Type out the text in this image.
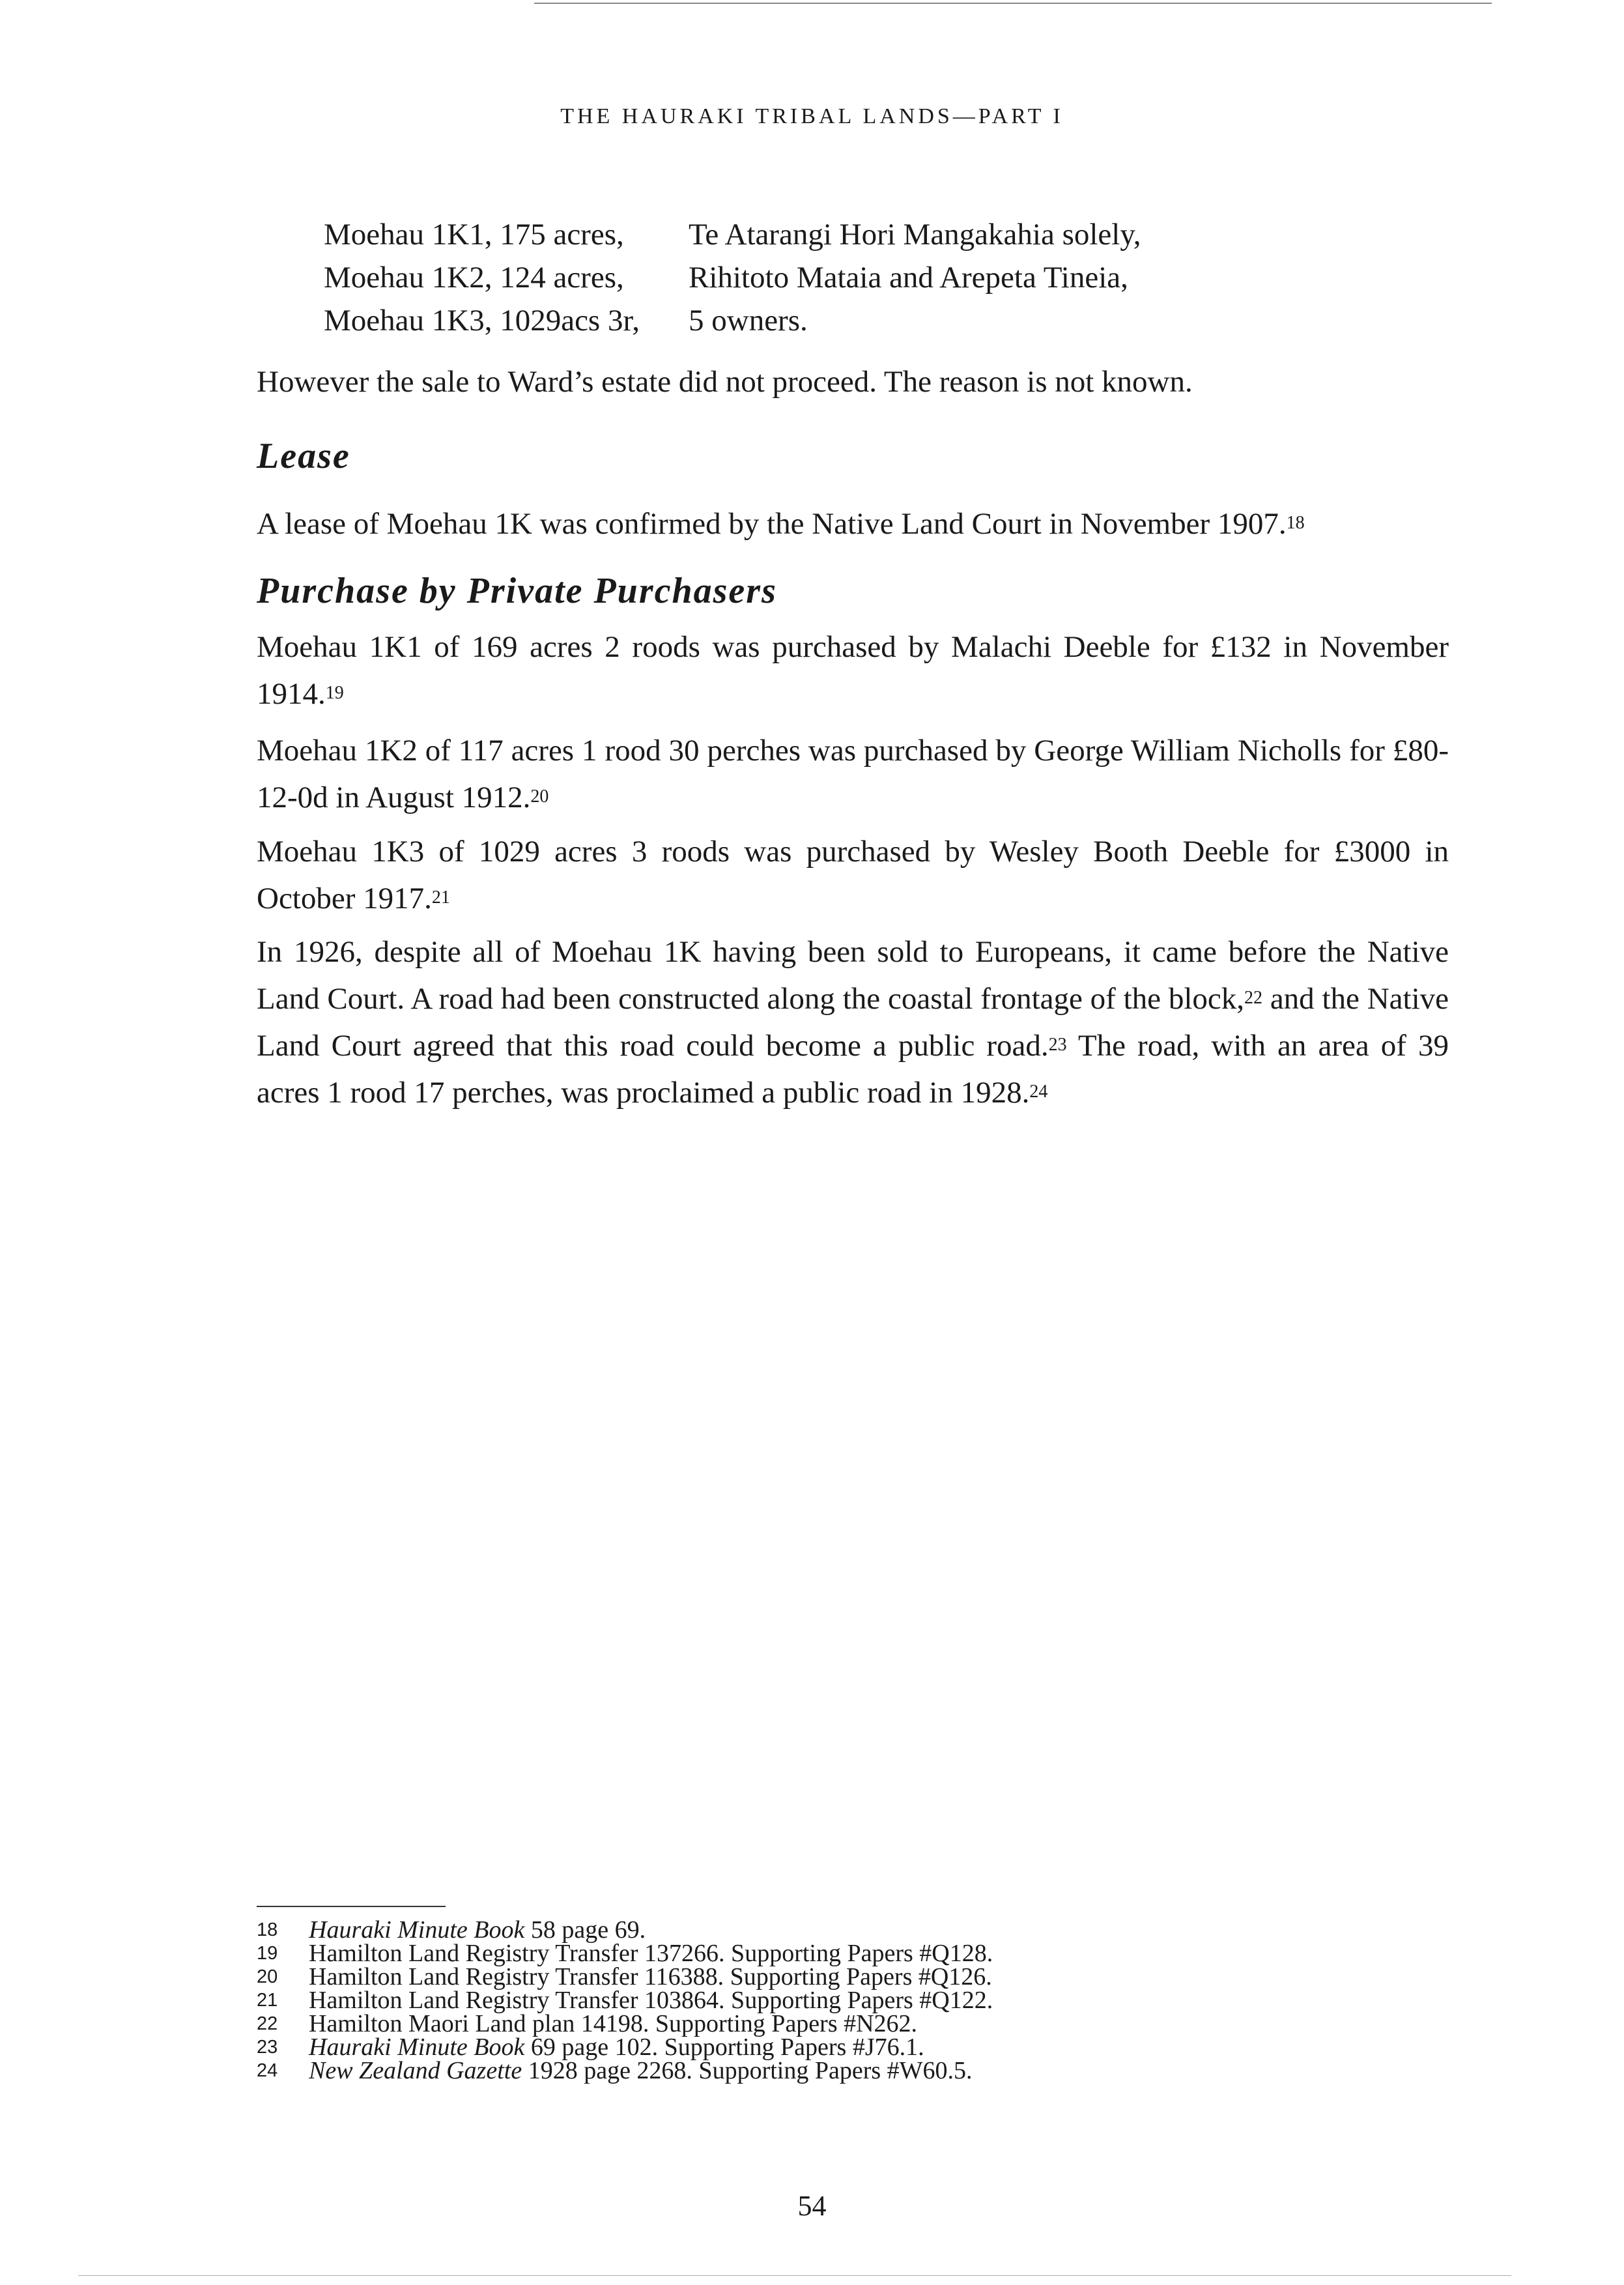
THE HAURAKI TRIBAL LANDS—PART I
Moehau 1K1, 175 acres,	Te Atarangi Hori Mangakahia solely,
Moehau 1K2, 124 acres,	Rihitoto Mataia and Arepeta Tineia,
Moehau 1K3, 1029acs 3r,	5 owners.

However the sale to Ward’s estate did not proceed. The reason is not known.

Lease

A lease of Moehau 1K was confirmed by the Native Land Court in November 1907.18

Purchase by Private Purchasers

Moehau 1K1 of 169 acres 2 roods was purchased by Malachi Deeble for £132 in November 1914.19

Moehau 1K2 of 117 acres 1 rood 30 perches was purchased by George William Nicholls for £80-12-0d in August 1912.20

Moehau 1K3 of 1029 acres 3 roods was purchased by Wesley Booth Deeble for £3000 in October 1917.21

In 1926, despite all of Moehau 1K having been sold to Europeans, it came before the Native Land Court. A road had been constructed along the coastal frontage of the block,$^{22}$ and the Native Land Court agreed that this road could become a public road.$^{23}$ The road, with an area of 39 acres 1 rood 17 perches, was proclaimed a public road in 1928.24

18	Hauraki Minute Book 58 page 69.
19	Hamilton Land Registry Transfer 137266. Supporting Papers #Q128.
20	Hamilton Land Registry Transfer 116388. Supporting Papers #Q126.
21	Hamilton Land Registry Transfer 103864. Supporting Papers #Q122.
22	Hamilton Maori Land plan 14198. Supporting Papers #N262.
23	Hauraki Minute Book 69 page 102. Supporting Papers #J76.1.
24	New Zealand Gazette 1928 page 2268. Supporting Papers #W60.5.
54
